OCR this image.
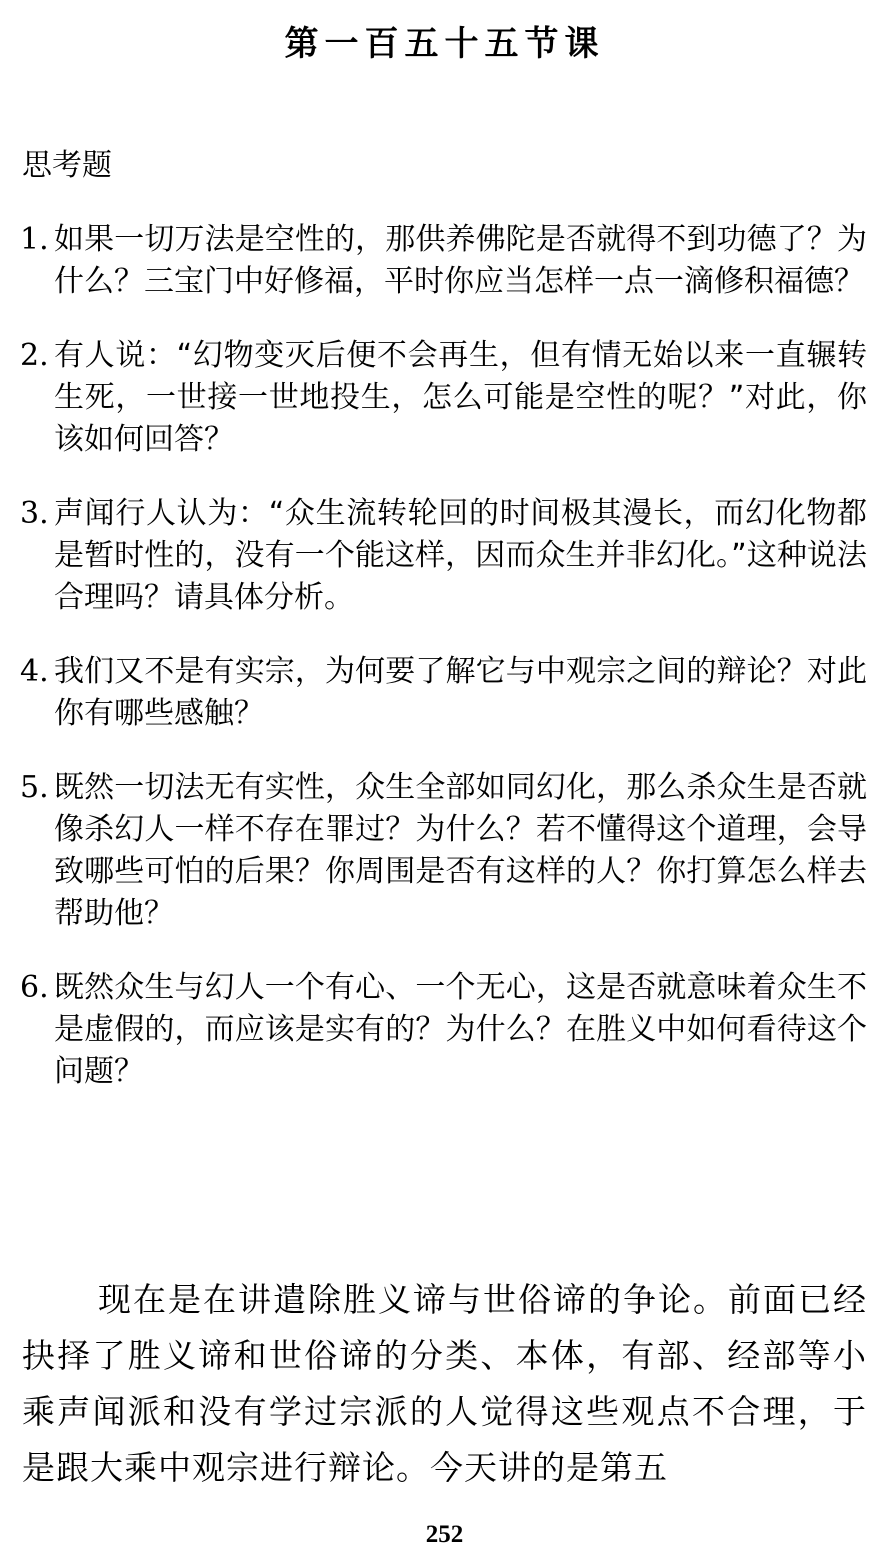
第一百五十五节课
思考题
1. 如果一切万法是空性的，那供养佛陀是否就得不到功德了？为什么？三宝门中好修福，平时你应当怎样一点一滴修积福德？
2. 有人说：“幻物变灭后便不会再生，但有情无始以来一直辗转生死，一世接一世地投生，怎么可能是空性的呢？”对此，你该如何回答？
3. 声闻行人认为：“众生流转轮回的时间极其漫长，而幻化物都是暂时性的，没有一个能这样，因而众生并非幻化。”这种说法合理吗？请具体分析。
4. 我们又不是有实宗，为何要了解它与中观宗之间的辩论？对此你有哪些感触？
5. 既然一切法无有实性，众生全部如同幻化，那么杀众生是否就像杀幻人一样不存在罪过？为什么？若不懂得这个道理，会导致哪些可怕的后果？你周围是否有这样的人？你打算怎么样去帮助他？
6. 既然众生与幻人一个有心、一个无心，这是否就意味着众生不是虚假的，而应该是实有的？为什么？在胜义中如何看待这个问题？
现在是在讲遣除胜义谛与世俗谛的争论。前面已经抉择了胜义谛和世俗谛的分类、本体，有部、经部等小乘声闻派和没有学过宗派的人觉得这些观点不合理，于是跟大乘中观宗进行辩论。今天讲的是第五
252
